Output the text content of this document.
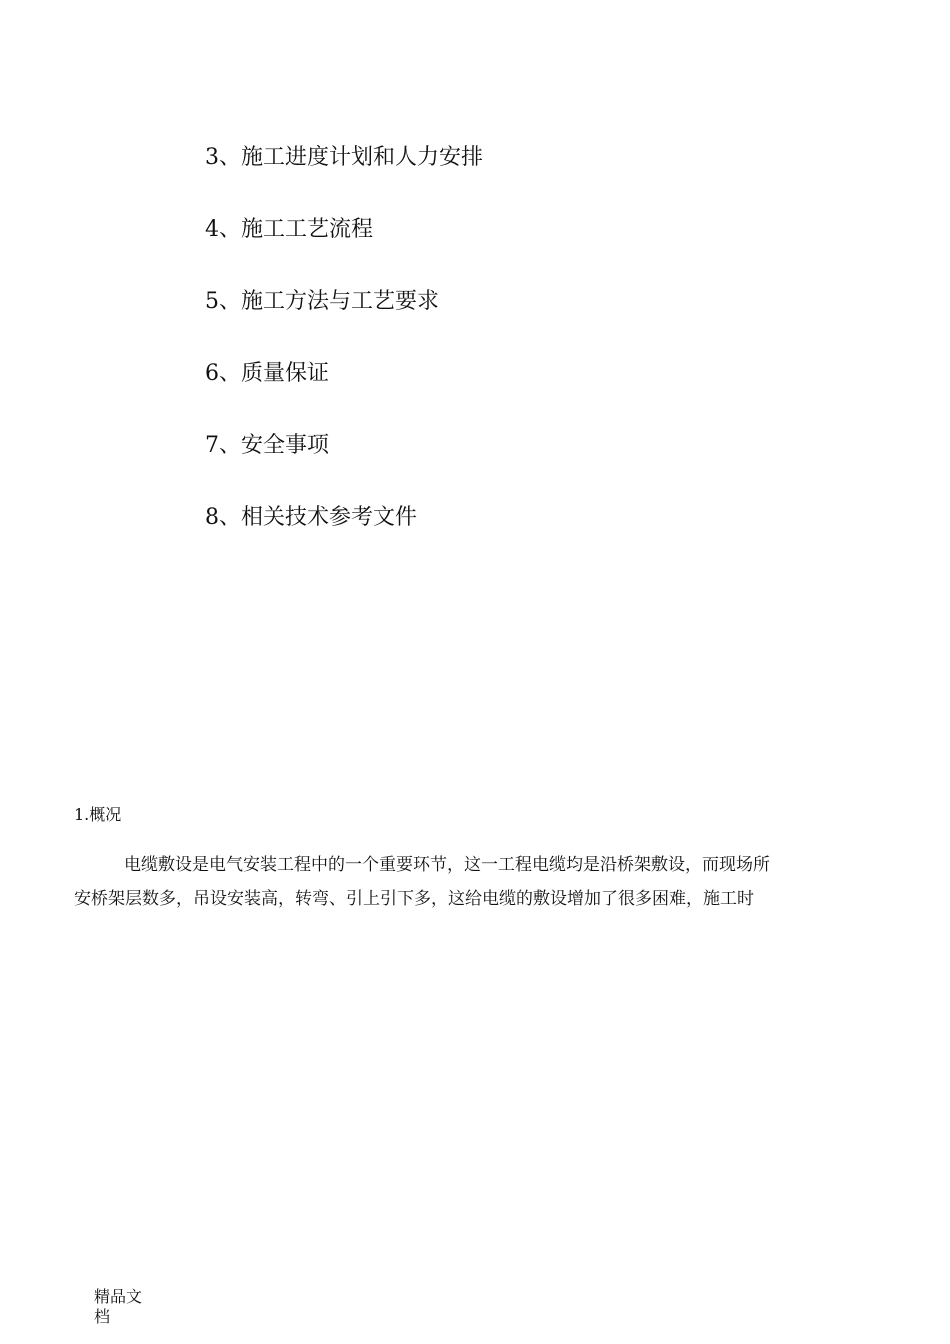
3、施工进度计划和人力安排
4、施工工艺流程
5、施工方法与工艺要求
6、质量保证
7、安全事项
8、相关技术参考文件
1.概况
电缆敷设是电气安装工程中的一个重要环节，这一工程电缆均是沿桥架敷设，而现场所
安桥架层数多，吊设安装高，转弯、引上引下多，这给电缆的敷设增加了很多困难，施工时
精品文
档
